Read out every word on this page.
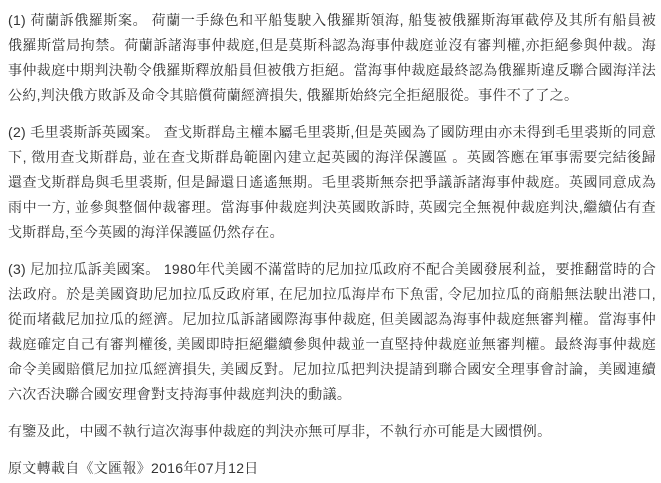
(1) 荷蘭訴俄羅斯案。 荷蘭一手綠色和平船隻駛入俄羅斯領海, 船隻被俄羅斯海軍截停及其所有船員被俄羅斯當局拘禁。荷蘭訴諸海事仲裁庭,但是莫斯科認為海事仲裁庭並沒有審判權,亦拒絕參與仲裁。海事仲裁庭中期判決勒令俄羅斯釋放船員但被俄方拒絕。當海事仲裁庭最終認為俄羅斯違反聯合國海洋法公約,判決俄方敗訴及命令其賠償荷蘭經濟損失, 俄羅斯始終完全拒絕服從。事件不了了之。

(2) 毛里裘斯訴英國案。 查戈斯群島主權本屬毛里裘斯,但是英國為了國防理由亦未得到毛里裘斯的同意下, 徵用查戈斯群島, 並在查戈斯群島範圍內建立起英國的海洋保護區 。英國答應在軍事需要完結後歸還查戈斯群島與毛里裘斯, 但是歸還日遙遙無期。毛里裘斯無奈把爭議訴諸海事仲裁庭。英國同意成為雨中一方, 並參與整個仲裁審理。當海事仲裁庭判決英國敗訴時, 英國完全無視仲裁庭判決,繼續佔有查戈斯群島,至今英國的海洋保護區仍然存在。

(3) 尼加拉瓜訴美國案。 1980年代美國不滿當時的尼加拉瓜政府不配合美國發展利益，要推翻當時的合法政府。於是美國資助尼加拉瓜反政府軍, 在尼加拉瓜海岸布下魚雷, 令尼加拉瓜的商船無法駛出港口, 從而堵截尼加拉瓜的經濟。尼加拉瓜訴諸國際海事仲裁庭, 但美國認為海事仲裁庭無審判權。當海事仲裁庭確定自己有審判權後, 美國即時拒絕繼續參與仲裁並一直堅持仲裁庭並無審判權。最終海事仲裁庭命令美國賠償尼加拉瓜經濟損失, 美國反對。尼加拉瓜把判決提請到聯合國安全理事會討論，美國連續六次否決聯合國安理會對支持海事仲裁庭判決的動議。

有鑒及此，中國不執行這次海事仲裁庭的判決亦無可厚非，不執行亦可能是大國慣例。

原文轉載自《文匯報》2016年07月12日
